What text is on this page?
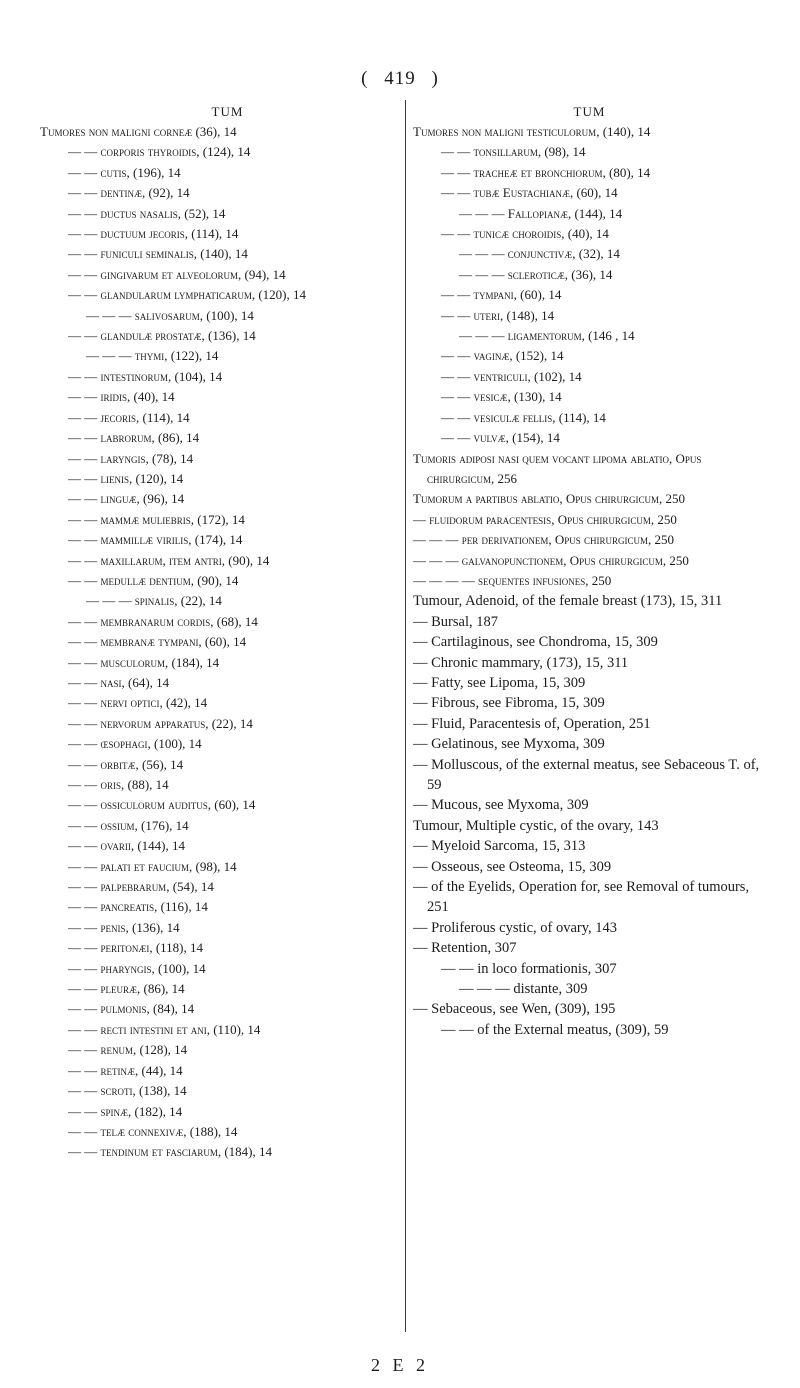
( 419 )
TUM
Tumores non maligni corneæ (36), 14
— — corporis thyroidis, (124), 14
— — cutis, (196), 14
— — dentinæ, (92), 14
— — ductus nasalis, (52), 14
— — ductuum jecoris, (114), 14
— — funiculi seminalis, (140), 14
— — gingivarum et alveolorum, (94), 14
— — glandularum lymphaticarum, (120), 14
— — — salivosarum, (100), 14
— — glandulæ prostatæ, (136), 14
— — — thymi, (122), 14
— — intestinorum, (104), 14
— — iridis, (40), 14
— — jecoris, (114), 14
— — labrorum, (86), 14
— — laryngis, (78), 14
— — lienis, (120), 14
— — linguæ, (96), 14
— — mammæ muliebris, (172), 14
— — mammillæ virilis, (174), 14
— — maxillarum, item antri, (90), 14
— — medullæ dentium, (90), 14
— — — spinalis, (22), 14
— — membranarum cordis, (68), 14
— — membranæ tympani, (60), 14
— — musculorum, (184), 14
— — nasi, (64), 14
— — nervi optici, (42), 14
— — nervorum apparatus, (22), 14
— — œsophagi, (100), 14
— — orbitæ, (56), 14
— — oris, (88), 14
— — ossiculorum auditus, (60), 14
— — ossium, (176), 14
— — ovarii, (144), 14
— — palati et faucium, (98), 14
— — palpebrarum, (54), 14
— — pancreatis, (116), 14
— — penis, (136), 14
— — peritonæi, (118), 14
— — pharyngis, (100), 14
— — pleuræ, (86), 14
— — pulmonis, (84), 14
— — recti intestini et ani, (110), 14
— — renum, (128), 14
— — retinæ, (44), 14
— — scroti, (138), 14
— — spinæ, (182), 14
— — telæ connexivæ, (188), 14
— — tendinum et fasciarum, (184), 14
TUM
Tumores non maligni testiculorum, (140), 14
— — tonsillarum, (98), 14
— — tracheæ et bronchiorum, (80), 14
— — tubæ Eustachianæ, (60), 14
— — — Fallopianæ, (144), 14
— — tunicæ choroidis, (40), 14
— — — conjunctivæ, (32), 14
— — — scleroticæ, (36), 14
— — tympani, (60), 14
— — uteri, (148), 14
— — — ligamentorum, (146 , 14
— — vaginæ, (152), 14
— — ventriculi, (102), 14
— — vesicæ, (130), 14
— — vesiculæ fellis, (114), 14
— — vulvæ, (154), 14
Tumoris adiposi nasi quem vocant lipoma ablatio, Opus chirurgicum, 256
Tumorum a partibus ablatio, Opus chirurgicum, 250
— fluidorum paracentesis, Opus chirurgicum, 250
— — — per derivationem, Opus chirurgicum, 250
— — — galvanopunctionem, Opus chirurgicum, 250
— — — — sequentes infusiones, 250
Tumour, Adenoid, of the female breast (173), 15, 311
— Bursal, 187
— Cartilaginous, see Chondroma, 15, 309
— Chronic mammary, (173), 15, 311
— Fatty, see Lipoma, 15, 309
— Fibrous, see Fibroma, 15, 309
— Fluid, Paracentesis of, Operation, 251
— Gelatinous, see Myxoma, 309
— Molluscous, of the external meatus, see Sebaceous T. of, 59
— Mucous, see Myxoma, 309
Tumour, Multiple cystic, of the ovary, 143
— Myeloid Sarcoma, 15, 313
— Osseous, see Osteoma, 15, 309
— of the Eyelids, Operation for, see Removal of tumours, 251
— Proliferous cystic, of ovary, 143
— Retention, 307
— — in loco formationis, 307
— — — distante, 309
— Sebaceous, see Wen, (309), 195
— — of the External meatus, (309), 59
2 E 2
